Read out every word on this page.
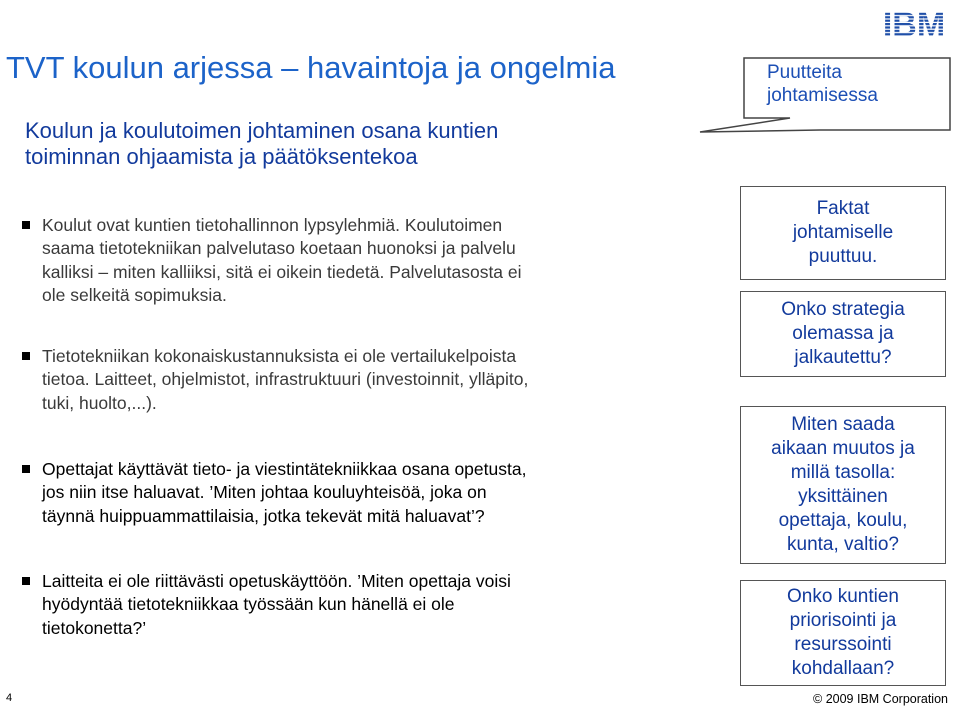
IBM
TVT koulun arjessa – havaintoja ja ongelmia
Koulun ja koulutoimen johtaminen osana kuntien
toiminnan ohjaamista ja päätöksentekoa
Puutteita
johtamisessa
Koulut ovat kuntien tietohallinnon lypsylehmiä. Koulutoimen
saama tietotekniikan palvelutaso koetaan huonoksi ja palvelu
kalliksi – miten kalliiksi, sitä ei oikein tiedetä. Palvelutasosta ei
ole selkeitä sopimuksia.
Tietotekniikan kokonaiskustannuksista ei ole vertailukelpoista
tietoa. Laitteet, ohjelmistot, infrastruktuuri (investoinnit, ylläpito,
tuki, huolto,...).
Opettajat käyttävät tieto- ja viestintätekniikkaa osana opetusta,
jos niin itse haluavat. ’Miten johtaa kouluyhteisöä, joka on
täynnä huippuammattilaisia, jotka tekevät mitä haluavat’?
Laitteita ei ole riittävästi opetuskäyttöön. ’Miten opettaja voisi
hyödyntää tietotekniikkaa työssään kun hänellä ei ole
tietokonetta?’
Faktat
johtamiselle
puuttuu.
Onko strategia
olemassa ja
jalkautettu?
Miten saada
aikaan muutos ja
millä tasolla:
yksittäinen
opettaja, koulu,
kunta, valtio?
Onko kuntien
priorisointi ja
resurssointi
kohdallaan?
4	© 2009 IBM Corporation
